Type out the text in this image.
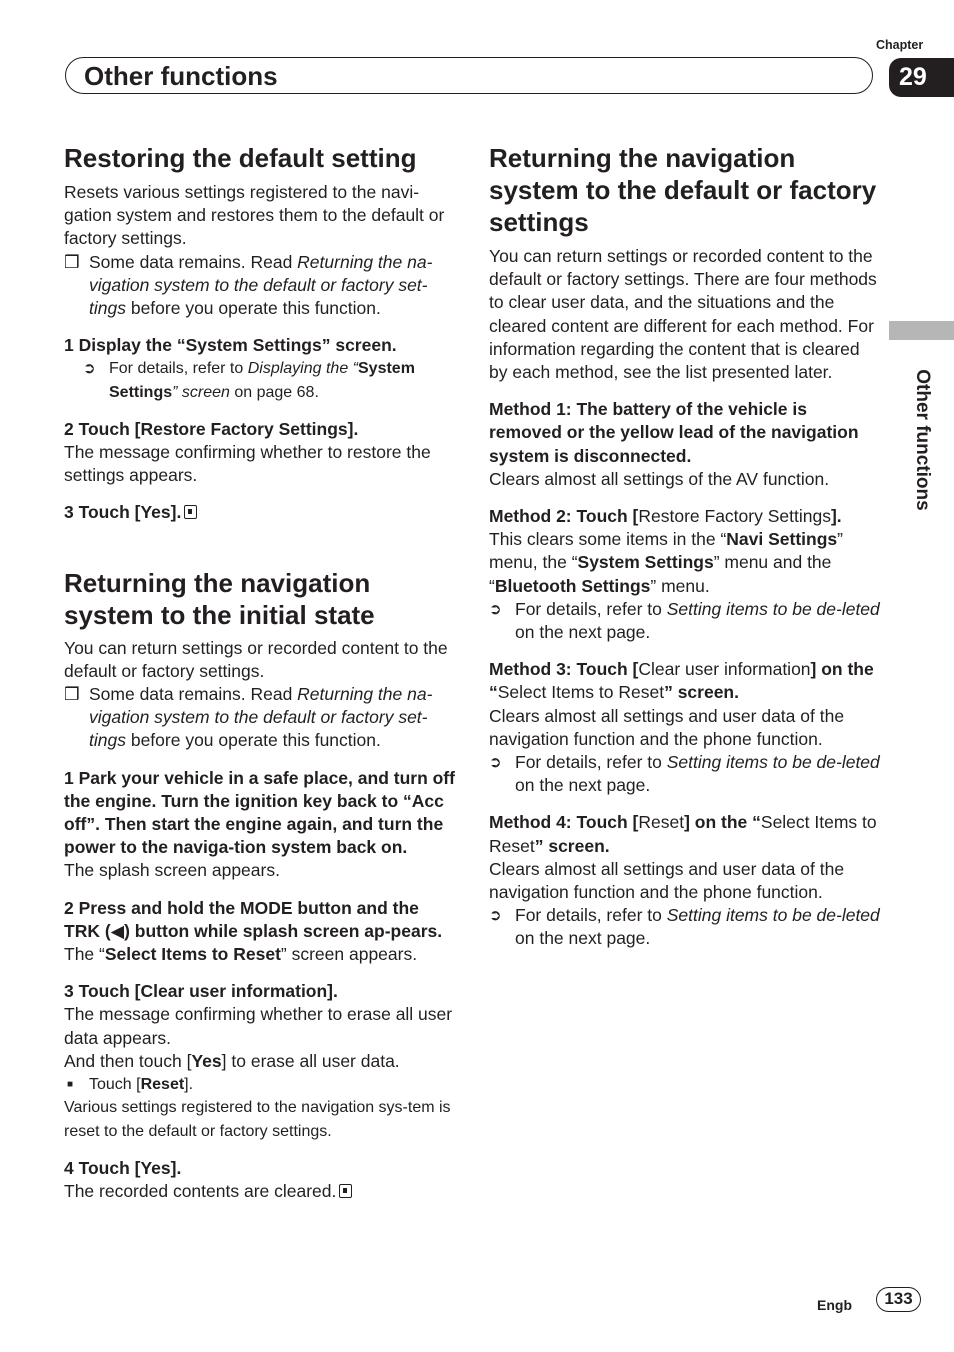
Chapter
Other functions	29
Other functions
Restoring the default setting

Resets various settings registered to the navi-gation system and restores them to the default or factory settings.

❒ Some data remains. Read Returning the na-vigation system to the default or factory set-tings before you operate this function.
1 Display the “System Settings” screen.
➲ For details, refer to Displaying the “System Settings” screen on page 68.
2 Touch [Restore Factory Settings].

The message confirming whether to restore the settings appears.

3 Touch [Yes].
Returning the navigation system to the initial state

You can return settings or recorded content to the default or factory settings.

❒ Some data remains. Read Returning the na-vigation system to the default or factory set-tings before you operate this function.
1 Park your vehicle in a safe place, and turn off the engine. Turn the ignition key back to “Acc off”. Then start the engine again, and turn the power to the naviga-tion system back on.

The splash screen appears.

2 Press and hold the MODE button and the TRK (◀) button while splash screen ap-pears.

The “Select Items to Reset” screen appears.

3 Touch [Clear user information].

The message confirming whether to erase all user data appears.

And then touch [Yes] to erase all user data.

■ Touch [Reset].

Various settings registered to the navigation sys-tem is reset to the default or factory settings.

4 Touch [Yes].

The recorded contents are cleared.

Returning the navigation system to the default or factory settings

You can return settings or recorded content to the default or factory settings. There are four methods to clear user data, and the situations and the cleared content are different for each method. For information regarding the content that is cleared by each method, see the list presented later.

Method 1: The battery of the vehicle is removed or the yellow lead of the navigation system is disconnected.

Clears almost all settings of the AV function.

Method 2: Touch [Restore Factory Settings].

This clears some items in the “Navi Settings” menu, the “System Settings” menu and the “Bluetooth Settings” menu.

➲ For details, refer to Setting items to be de-leted on the next page.
Method 3: Touch [Clear user information] on the “Select Items to Reset” screen.

Clears almost all settings and user data of the navigation function and the phone function.

➲ For details, refer to Setting items to be de-leted on the next page.
Method 4: Touch [Reset] on the “Select Items to Reset” screen.

Clears almost all settings and user data of the navigation function and the phone function.

➲ For details, refer to Setting items to be de-leted on the next page.
Engb	133
